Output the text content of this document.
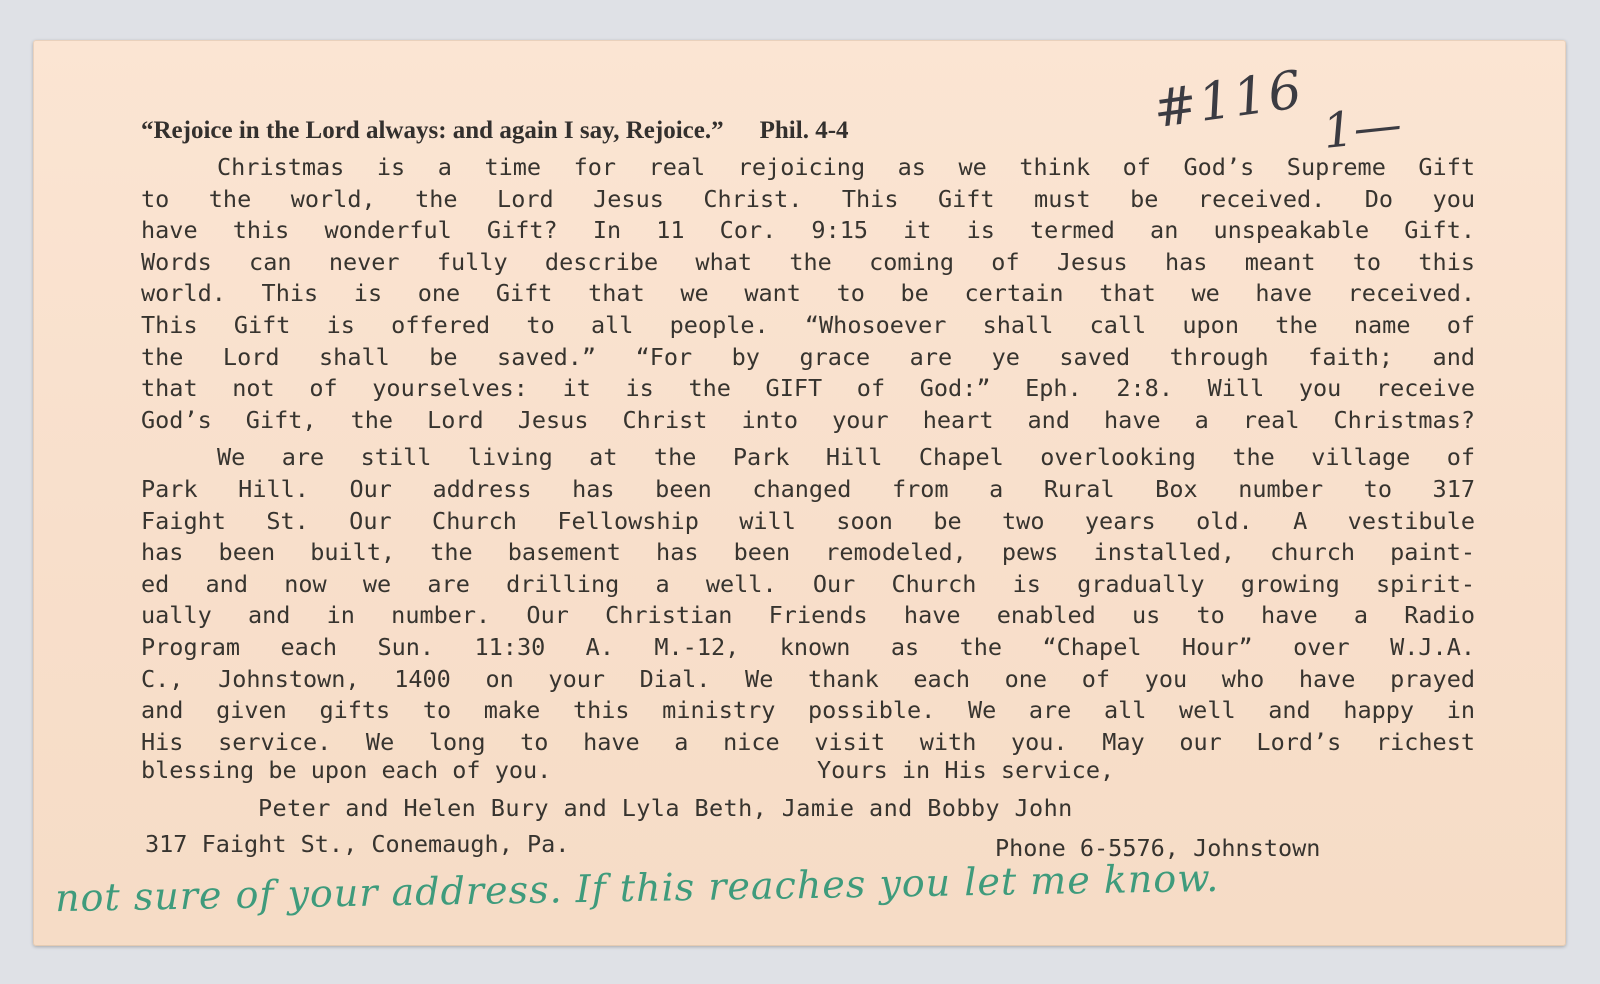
#116 1—
“Rejoice in the Lord always: and again I say, Rejoice.” Phil. 4-4
Christmas is a time for real rejoicing as we think of God’s Supreme Gift
to the world, the Lord Jesus Christ. This Gift must be received. Do you
have this wonderful Gift? In 11 Cor. 9:15 it is termed an unspeakable Gift.
Words can never fully describe what the coming of Jesus has meant to this
world. This is one Gift that we want to be certain that we have received.
This Gift is offered to all people. “Whosoever shall call upon the name of
the Lord shall be saved.” “For by grace are ye saved through faith; and
that not of yourselves: it is the GIFT of God:” Eph. 2:8. Will you receive
God’s Gift, the Lord Jesus Christ into your heart and have a real Christmas?
We are still living at the Park Hill Chapel overlooking the village of
Park Hill. Our address has been changed from a Rural Box number to 317
Faight St. Our Church Fellowship will soon be two years old. A vestibule
has been built, the basement has been remodeled, pews installed, church paint-
ed and now we are drilling a well. Our Church is gradually growing spirit-
ually and in number. Our Christian Friends have enabled us to have a Radio
Program each Sun. 11:30 A. M.-12, known as the “Chapel Hour” over W.J.A.
C., Johnstown, 1400 on your Dial. We thank each one of you who have prayed
and given gifts to make this ministry possible. We are all well and happy in
His service. We long to have a nice visit with you. May our Lord’s richest
blessing be upon each of you.	Yours in His service,
Peter and Helen Bury and Lyla Beth, Jamie and Bobby John
317 Faight St., Conemaugh, Pa.	Phone 6-5576, Johnstown
not sure of your address. If this reaches you let me know.
